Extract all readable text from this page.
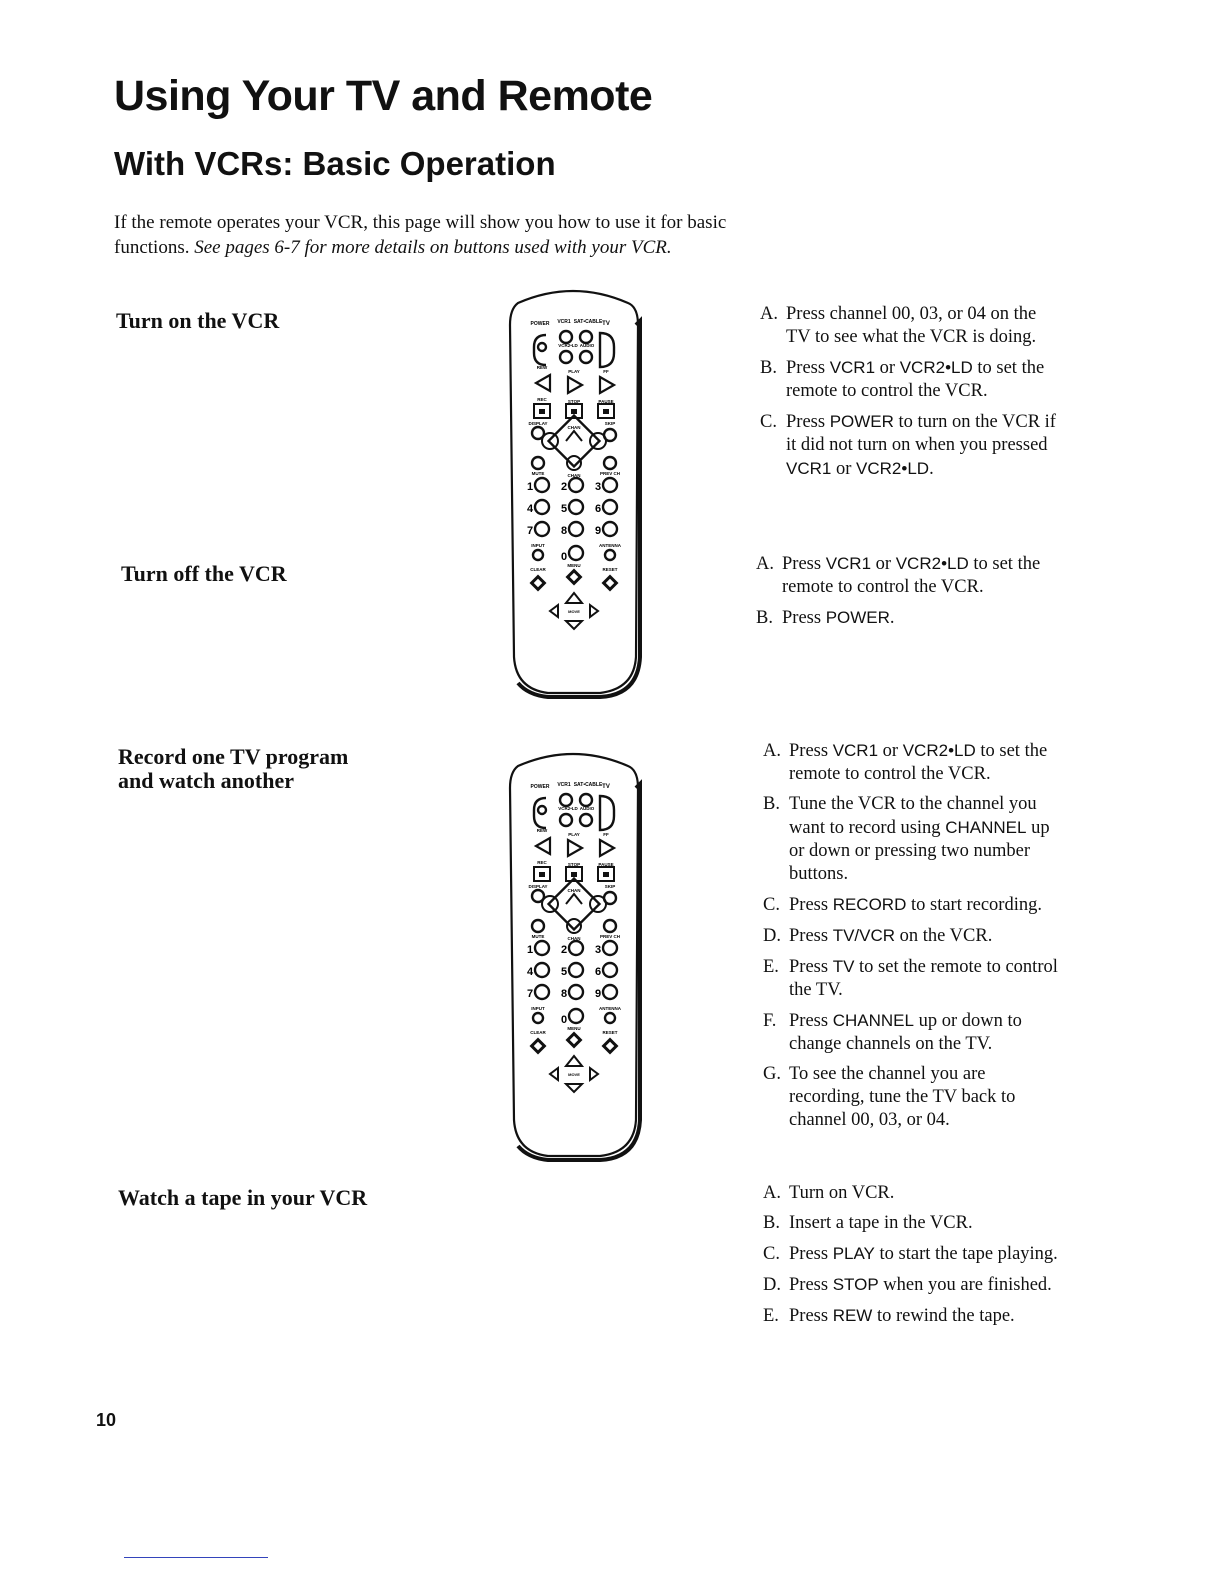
Using Your TV and Remote
With VCRs: Basic Operation
If the remote operates your VCR, this page will show you how to use it for basic functions. See pages 6-7 for more details on buttons used with your VCR.
Turn on the VCR	A. Press channel 00, 03, or 04 on the TV to see what the VCR is doing.
B. Press VCR1 or VCR2•LD to set the remote to control the VCR.
C. Press POWER to turn on the VCR if it did not turn on when you pressed VCR1 or VCR2•LD.
Turn off the VCR	A. Press VCR1 or VCR2•LD to set the remote to control the VCR.
B. Press POWER.
Record one TV program
and watch another
A. Press VCR1 or VCR2•LD to set the remote to control the VCR.
B. Tune the VCR to the channel you want to record using CHANNEL up or down or pressing two number buttons.
C. Press RECORD to start recording.
D. Press TV/VCR on the VCR.
E. Press TV to set the remote to control the TV.
F. Press CHANNEL up or down to change channels on the TV.
G. To see the channel you are recording, tune the TV back to channel 00, 03, or 04.
Watch a tape in your VCR	A. Turn on VCR.
B. Insert a tape in the VCR.
C. Press PLAY to start the tape playing.
D. Press STOP when you are finished.
E. Press REW to rewind the tape.
POWER VCR1 SAT•CABLE TV
VCR2•LD AUDIO
REW
PLAY	FF
REC	STOP	PAUSE
DISPLAY
CHAN
SKIP
MUTE	CHAN	PREV CH
1	2	3
4	5	6
7	8	9
INPUT	ANTENNA
0
CLEAR
MENU
RESET
MOVE
POWER VCR1 SAT•CABLE TV
VCR2•LD AUDIO
REW
PLAY	FF
REC	STOP	PAUSE
DISPLAY
CHAN
SKIP
MUTE	CHAN	PREV CH
1	2	3
4	5	6
7	8	9
INPUT	ANTENNA
0
CLEAR
MENU
RESET
MOVE
10
